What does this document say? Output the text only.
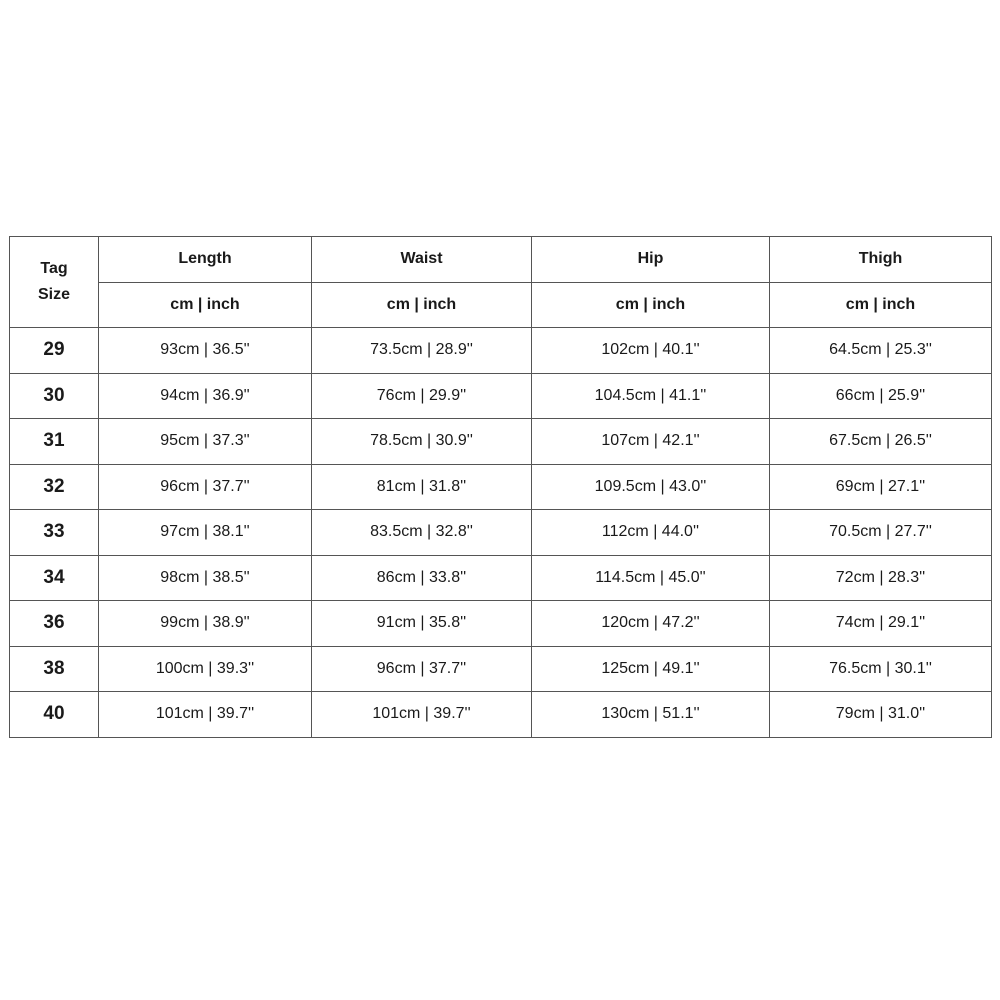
Tag
Size	Length	Waist	Hip	Thigh
	cm | inch	cm | inch	cm | inch	cm | inch
29	93cm | 36.5''	73.5cm | 28.9''	102cm | 40.1''	64.5cm | 25.3''
30	94cm | 36.9''	76cm | 29.9''	104.5cm | 41.1''	66cm | 25.9''
31	95cm | 37.3''	78.5cm | 30.9''	107cm | 42.1''	67.5cm | 26.5''
32	96cm | 37.7''	81cm | 31.8''	109.5cm | 43.0''	69cm | 27.1''
33	97cm | 38.1''	83.5cm | 32.8''	112cm | 44.0''	70.5cm | 27.7''
34	98cm | 38.5''	86cm | 33.8''	114.5cm | 45.0''	72cm | 28.3''
36	99cm | 38.9''	91cm | 35.8''	120cm | 47.2''	74cm | 29.1''
38	100cm | 39.3''	96cm | 37.7''	125cm | 49.1''	76.5cm | 30.1''
40	101cm | 39.7''	101cm | 39.7''	130cm | 51.1''	79cm | 31.0''
